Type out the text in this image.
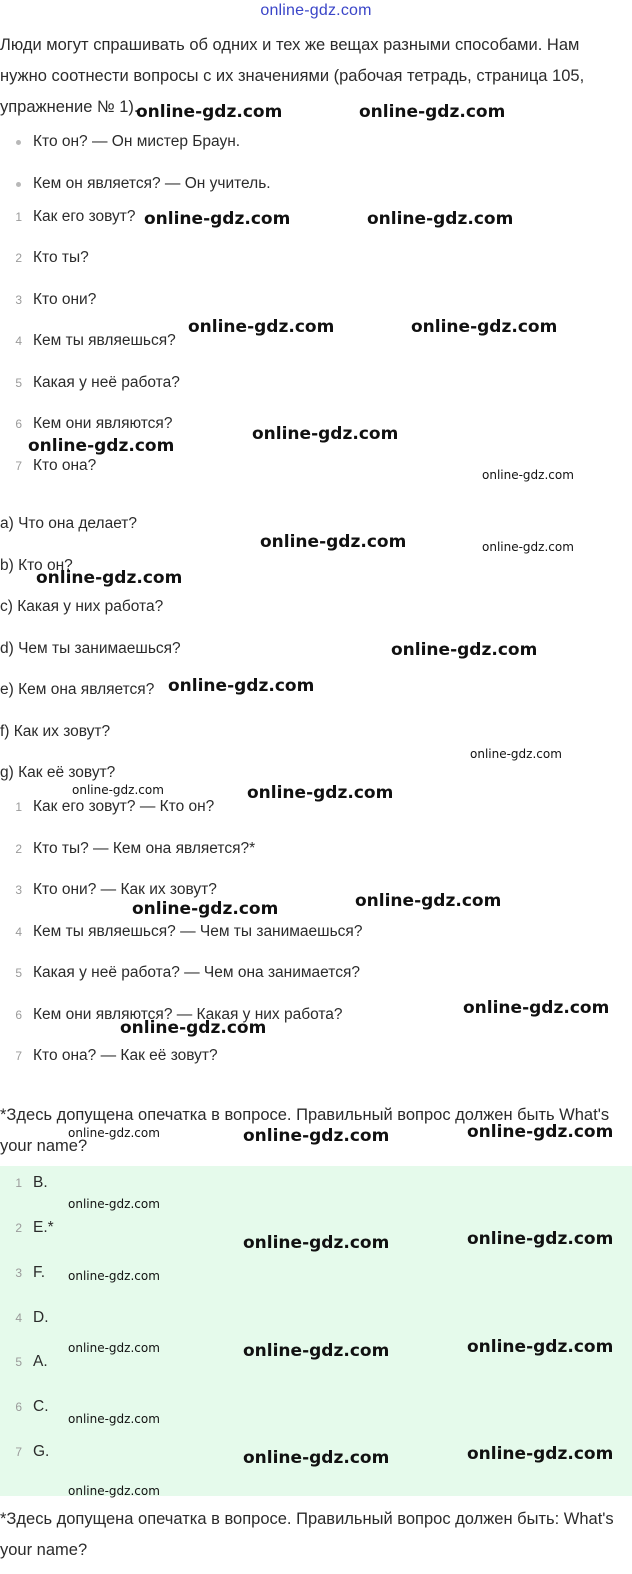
online-gdz.com
Люди могут спрашивать об одних и тех же вещах разными способами. Нам нужно соотнести вопросы с их значениями (рабочая тетрадь, страница 105, упражнение № 1).
Кто он? — Он мистер Браун.
Кем он является? — Он учитель.
1 Как его зовут?
2 Кто ты?
3 Кто они?
4 Кем ты являешься?
5 Какая у неё работа?
6 Кем они являются?
7 Кто она?
a) Что она делает?
b) Кто он?
c) Какая у них работа?
d) Чем ты занимаешься?
e) Кем она является?
f) Как их зовут?
g) Как её зовут?
1 Как его зовут? — Кто он?
2 Кто ты? — Кем она является?*
3 Кто они? — Как их зовут?
4 Кем ты являешься? — Чем ты занимаешься?
5 Какая у неё работа? — Чем она занимается?
6 Кем они являются? — Какая у них работа?
7 Кто она? — Как её зовут?
*Здесь допущена опечатка в вопросе. Правильный вопрос должен быть What's your name?
1 B.
2 E.*
3 F.
4 D.
5 A.
6 C.
7 G.
*Здесь допущена опечатка в вопросе. Правильный вопрос должен быть: What's your name?
online-gdz.com	online-gdz.com
online-gdz.com	online-gdz.com
online-gdz.com	online-gdz.com
online-gdz.com
online-gdz.com
online-gdz.com
online-gdz.com	online-gdz.com
online-gdz.com
online-gdz.com
online-gdz.com
online-gdz.com
online-gdz.com	online-gdz.com
online-gdz.com
online-gdz.com
online-gdz.com
online-gdz.com
online-gdz.com	online-gdz.com	online-gdz.com
online-gdz.com
online-gdz.com	online-gdz.com
online-gdz.com
online-gdz.com	online-gdz.com	online-gdz.com
online-gdz.com
online-gdz.com	online-gdz.com
online-gdz.com
